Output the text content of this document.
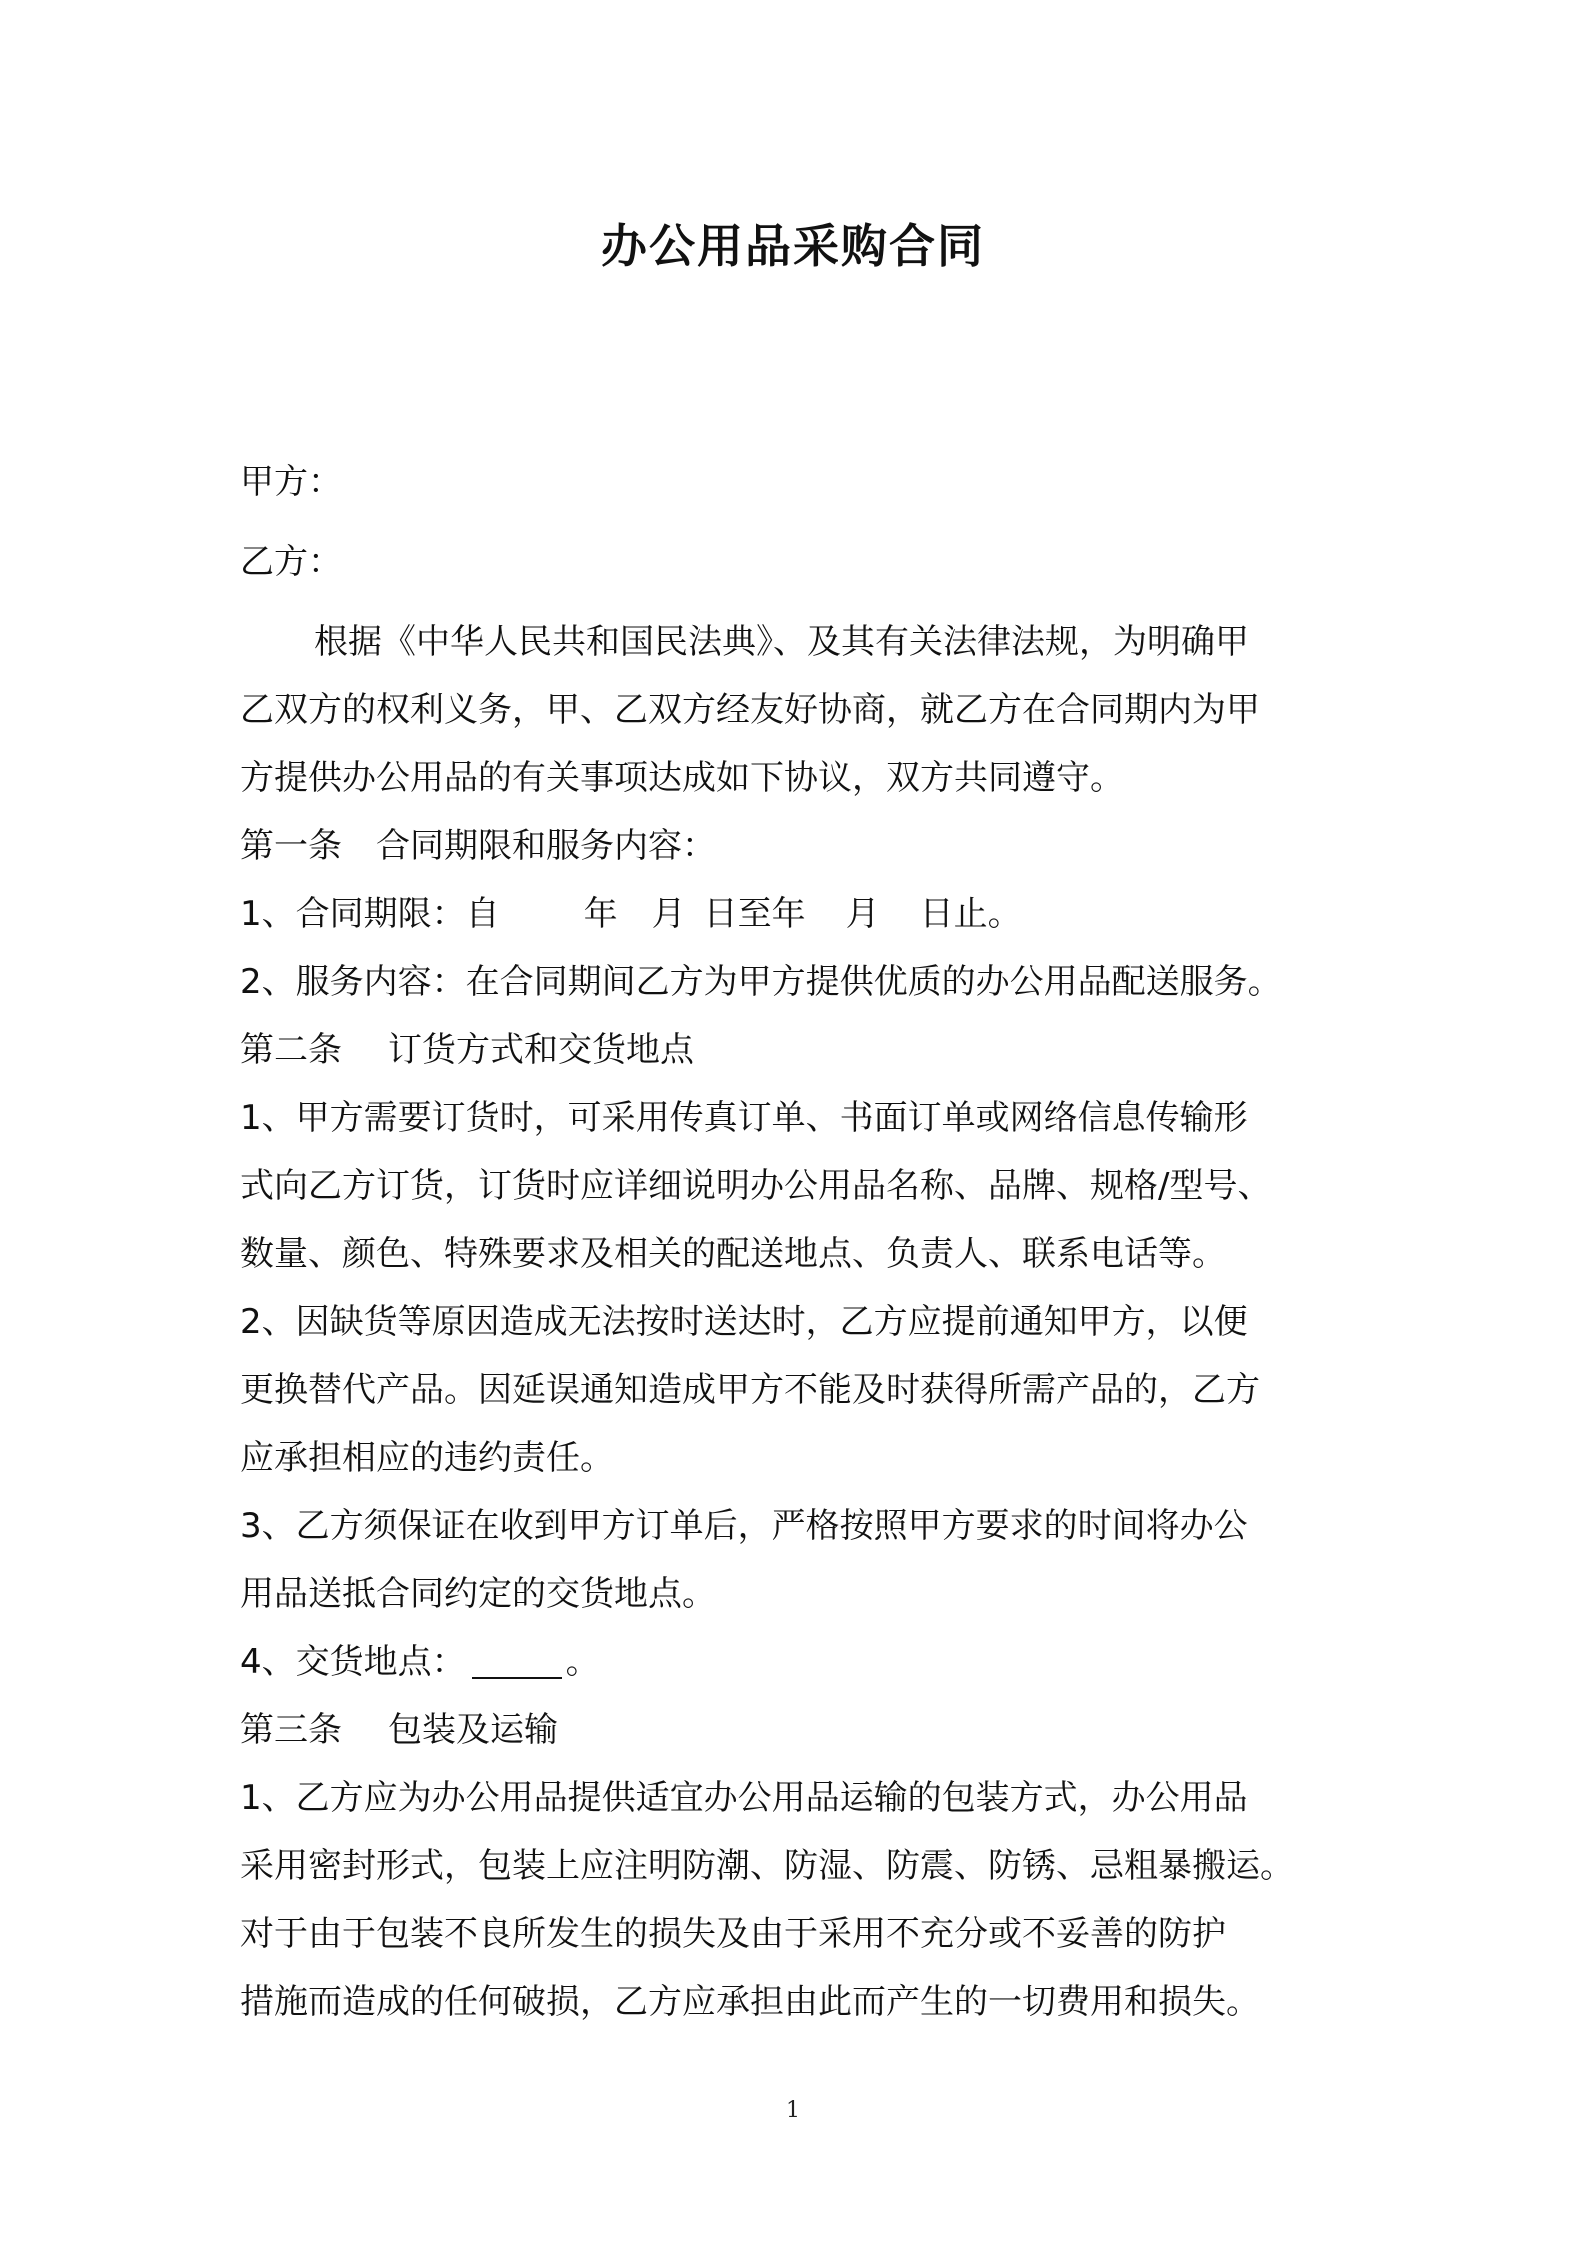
办公用品采购合同
甲方：
乙方：
根据《中华人民共和国民法典》、及其有关法律法规，为明确甲
乙双方的权利义务，甲、乙双方经友好协商，就乙方在合同期内为甲
方提供办公用品的有关事项达成如下协议，双方共同遵守。
第一条 合同期限和服务内容：
1、合同期限：自 年 月 日至年 月 日止。
2、服务内容：在合同期间乙方为甲方提供优质的办公用品配送服务。
第二条 订货方式和交货地点
1、甲方需要订货时，可采用传真订单、书面订单或网络信息传输形
式向乙方订货，订货时应详细说明办公用品名称、品牌、规格/型号、
数量、颜色、特殊要求及相关的配送地点、负责人、联系电话等。
2、因缺货等原因造成无法按时送达时，乙方应提前通知甲方，以便
更换替代产品。因延误通知造成甲方不能及时获得所需产品的，乙方
应承担相应的违约责任。
3、乙方须保证在收到甲方订单后，严格按照甲方要求的时间将办公
用品送抵合同约定的交货地点。
4、交货地点：	。
第三条 包装及运输
1、乙方应为办公用品提供适宜办公用品运输的包装方式，办公用品
采用密封形式，包装上应注明防潮、防湿、防震、防锈、忌粗暴搬运。
对于由于包装不良所发生的损失及由于采用不充分或不妥善的防护
措施而造成的任何破损，乙方应承担由此而产生的一切费用和损失。
1
